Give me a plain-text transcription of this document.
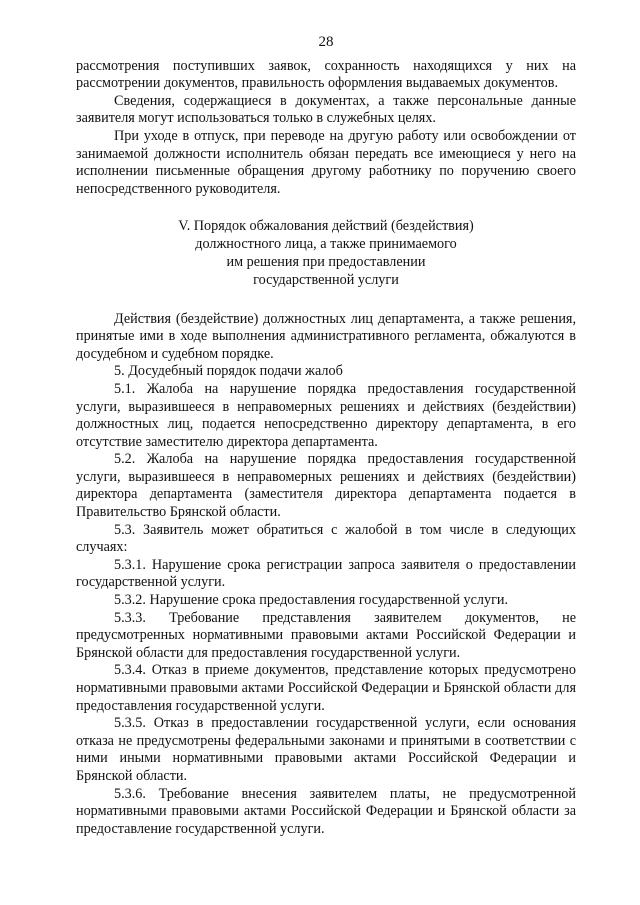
28

рассмотрения поступивших заявок, сохранность находящихся у них на рассмотрении документов, правильность оформления выдаваемых документов.

Сведения, содержащиеся в документах, а также персональные данные заявителя могут использоваться только в служебных целях.

При уходе в отпуск, при переводе на другую работу или освобождении от занимаемой должности исполнитель обязан передать все имеющиеся у него на исполнении письменные обращения другому работнику по поручению своего непосредственного руководителя.

V. Порядок обжалования действий (бездействия)
должностного лица, а также принимаемого
им решения при предоставлении
государственной услуги

Действия (бездействие) должностных лиц департамента, а также решения, принятые ими в ходе выполнения административного регламента, обжалуются в досудебном и судебном порядке.

5. Досудебный порядок подачи жалоб

5.1. Жалоба на нарушение порядка предоставления государственной услуги, выразившееся в неправомерных решениях и действиях (бездействии) должностных лиц, подается непосредственно директору департамента, в его отсутствие заместителю директора департамента.

5.2. Жалоба на нарушение порядка предоставления государственной услуги, выразившееся в неправомерных решениях и действиях (бездействии) директора департамента (заместителя директора департамента подается в Правительство Брянской области.

5.3. Заявитель может обратиться с жалобой в том числе в следующих случаях:

5.3.1. Нарушение срока регистрации запроса заявителя о предоставлении государственной услуги.

5.3.2. Нарушение срока предоставления государственной услуги.

5.3.3. Требование представления заявителем документов, не предусмотренных нормативными правовыми актами Российской Федерации и Брянской области для предоставления государственной услуги.

5.3.4. Отказ в приеме документов, представление которых предусмотрено нормативными правовыми актами Российской Федерации и Брянской области для предоставления государственной услуги.

5.3.5. Отказ в предоставлении государственной услуги, если основания отказа не предусмотрены федеральными законами и принятыми в соответствии с ними иными нормативными правовыми актами Российской Федерации и Брянской области.

5.3.6. Требование внесения заявителем платы, не предусмотренной нормативными правовыми актами Российской Федерации и Брянской области за предоставление государственной услуги.
